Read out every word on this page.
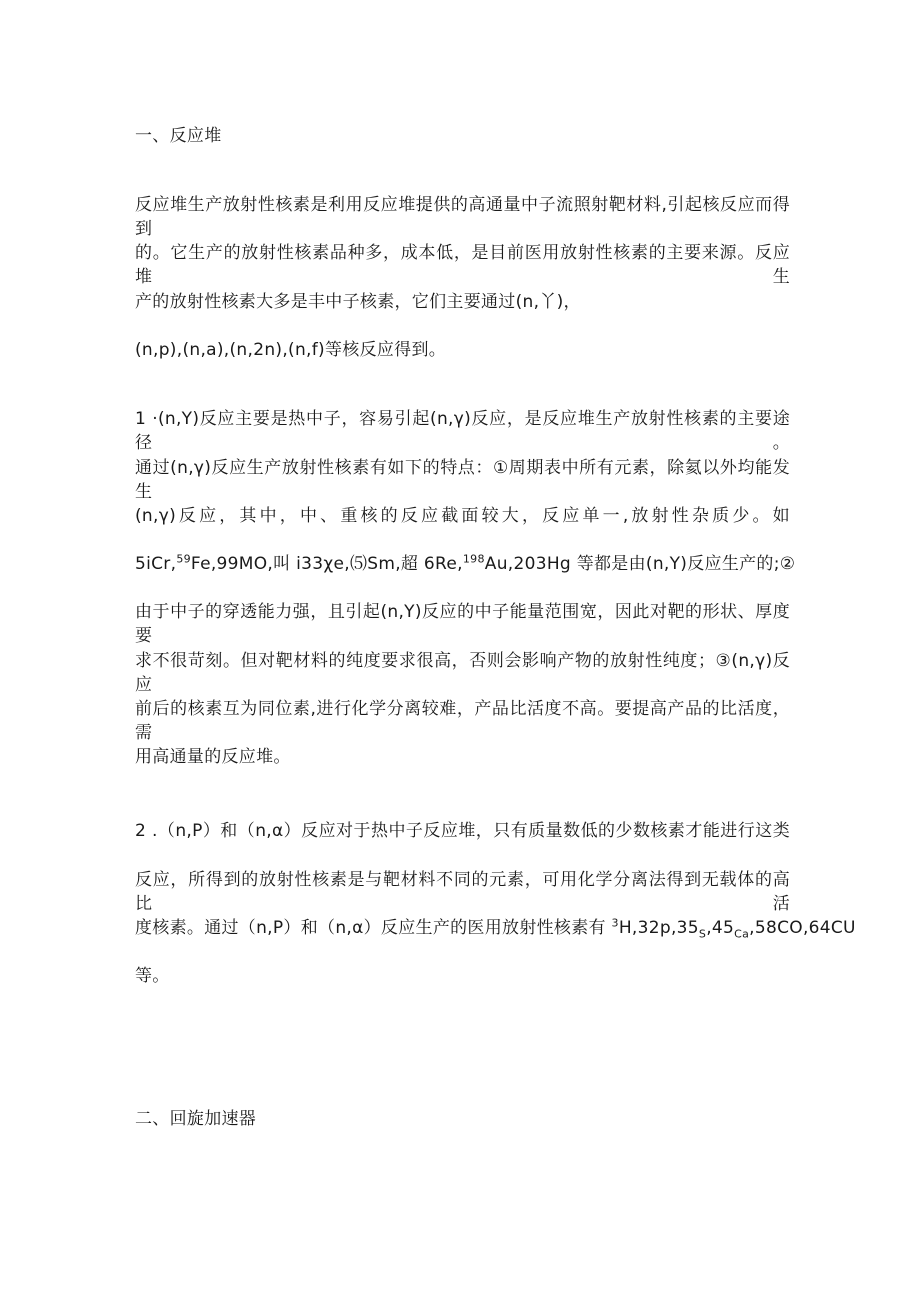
一、反应堆
反应堆生产放射性核素是利用反应堆提供的高通量中子流照射靶材料,引起核反应而得到
的。它生产的放射性核素品种多，成本低，是目前医用放射性核素的主要来源。反应堆生
产的放射性核素大多是丰中子核素，它们主要通过(n,丫)，
(n,p),(n,a),(n,2n),(n,f)等核反应得到。
1 ·(n,Y)反应主要是热中子，容易引起(n,γ)反应，是反应堆生产放射性核素的主要途径。
通过(n,γ)反应生产放射性核素有如下的特点：①周期表中所有元素，除氦以外均能发生
(n,γ)反应，其中，中、重核的反应截面较大，反应单一,放射性杂质少。如
5iCr,$^{59}$Fe,99MO,叫 i33χe,⑸Sm,超 6Re,$^{198}$Au,203Hg 等都是由(n,Y)反应生产的;②
由于中子的穿透能力强，且引起(n,Y)反应的中子能量范围宽，因此对靶的形状、厚度要
求不很苛刻。但对靶材料的纯度要求很高，否则会影响产物的放射性纯度；③(n,γ)反应
前后的核素互为同位素,进行化学分离较难，产品比活度不高。要提高产品的比活度，需
用高通量的反应堆。
2 .（n,P）和（n,α）反应对于热中子反应堆，只有质量数低的少数核素才能进行这类
反应，所得到的放射性核素是与靶材料不同的元素，可用化学分离法得到无载体的高比活
度核素。通过（n,P）和（n,α）反应生产的医用放射性核素有 $^3H,32p,35_S,45_{Ca},58CO,64CU$
等。
二、回旋加速器
